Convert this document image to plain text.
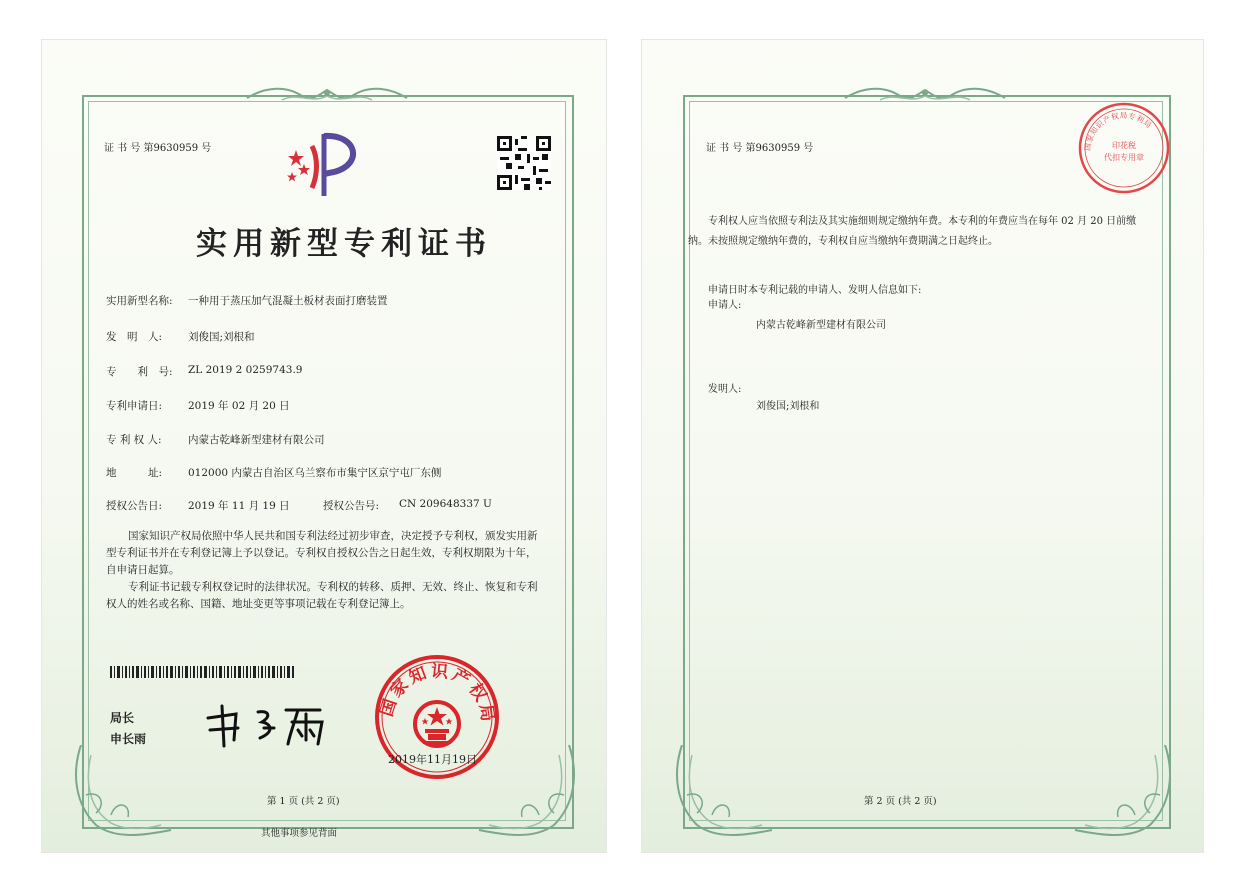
证 书 号 第9630959 号
实用新型专利证书
实用新型名称: 一种用于蒸压加气混凝土板材表面打磨装置
发　明　人: 刘俊国;刘根和
专　　利　号: ZL 2019 2 0259743.9
专利申请日: 2019 年 02 月 20 日
专 利 权 人:	内蒙古乾峰新型建材有限公司
地　　　址: 012000 内蒙古自治区乌兰察布市集宁区京宁屯厂东侧
授权公告日: 2019 年 11 月 19 日	授权公告号: CN 209648337 U
国家知识产权局依照中华人民共和国专利法经过初步审查，决定授予专利权，颁发实用新型专利证书并在专利登记簿上予以登记。专利权自授权公告之日起生效，专利权期限为十年，自申请日起算。
专利证书记载专利权登记时的法律状况。专利权的转移、质押、无效、终止、恢复和专利权人的姓名或名称、国籍、地址变更等事项记载在专利登记簿上。
局长
申长雨
国家知识产权局
2019年11月19日
第 1 页 (共 2 页)
其他事项参见背面
证 书 号 第9630959 号	国家知识产权局专利局
印花税
代扣专用章
专利权人应当依照专利法及其实施细则规定缴纳年费。本专利的年费应当在每年 02 月 20 日前缴纳。未按照规定缴纳年费的，专利权自应当缴纳年费期满之日起终止。
申请日时本专利记载的申请人、发明人信息如下:
申请人:
内蒙古乾峰新型建材有限公司
发明人:
刘俊国;刘根和
第 2 页 (共 2 页)
